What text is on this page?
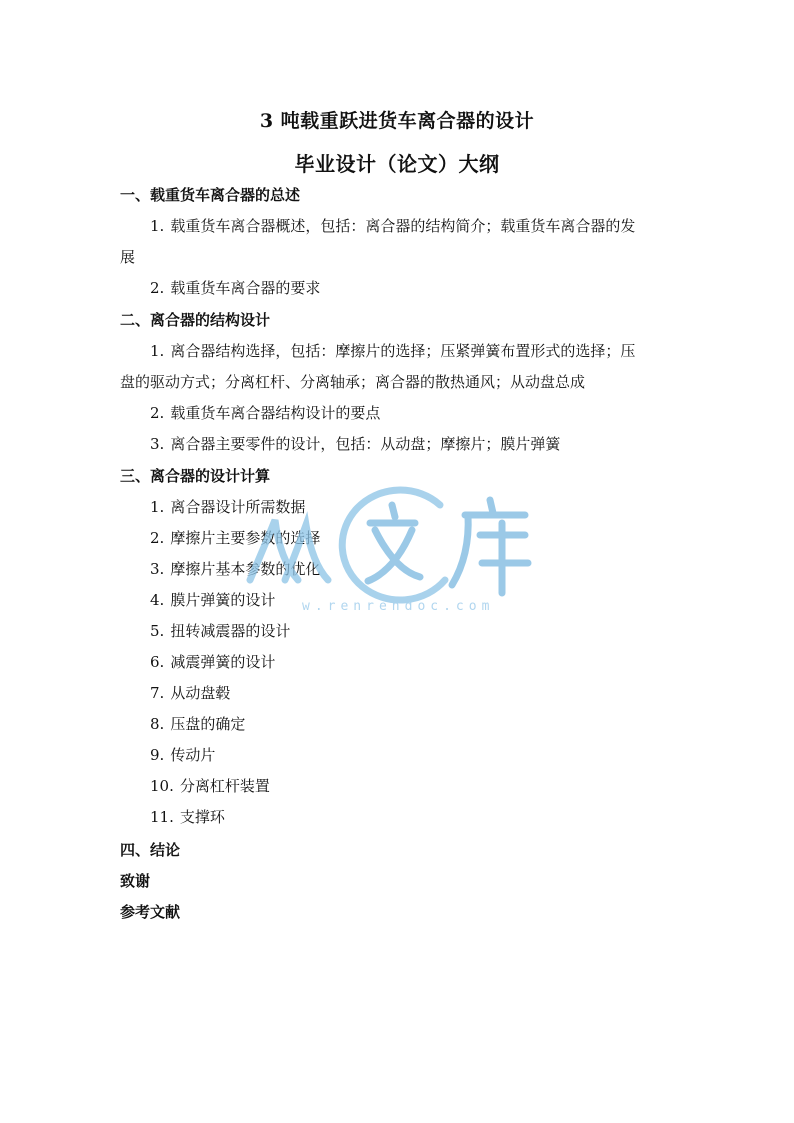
3 吨载重跃进货车离合器的设计
毕业设计（论文）大纲
一、载重货车离合器的总述
1. 载重货车离合器概述，包括：离合器的结构简介；载重货车离合器的发
展
2. 载重货车离合器的要求
二、离合器的结构设计
1. 离合器结构选择，包括：摩擦片的选择；压紧弹簧布置形式的选择；压
盘的驱动方式；分离杠杆、分离轴承；离合器的散热通风；从动盘总成
2. 载重货车离合器结构设计的要点
3. 离合器主要零件的设计，包括：从动盘；摩擦片；膜片弹簧
三、离合器的设计计算
1. 离合器设计所需数据
2. 摩擦片主要参数的选择
3. 摩擦片基本参数的优化
4. 膜片弹簧的设计
5. 扭转减震器的设计
6. 减震弹簧的设计
7. 从动盘毂
8. 压盘的确定
9. 传动片
10. 分离杠杆装置
11. 支撑环
四、结论
致谢
参考文献
w.renrendoc.com
